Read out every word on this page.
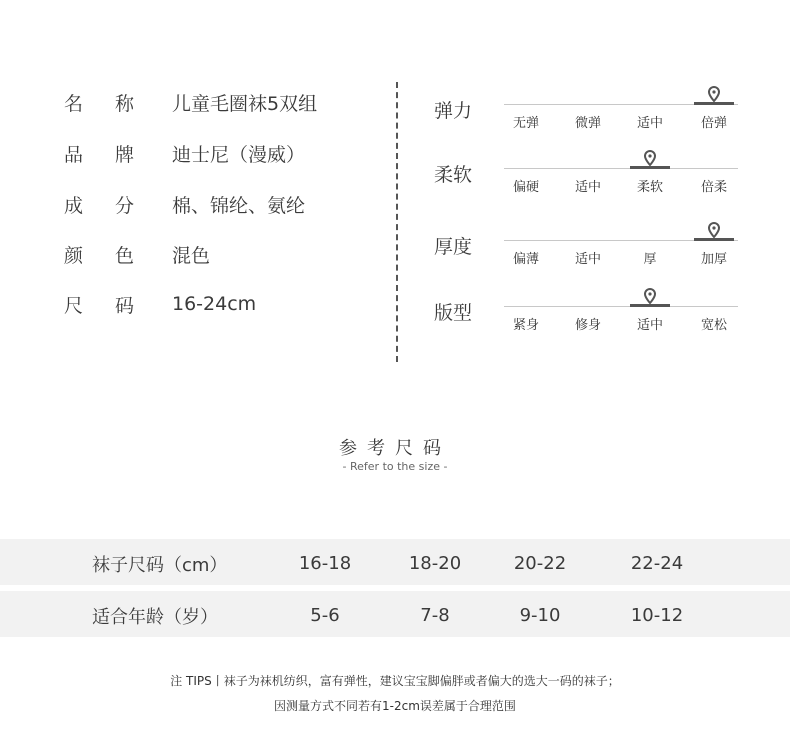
名称 儿童毛圈袜5双组
品牌 迪士尼（漫威）
成分 棉、锦纶、氨纶
颜色 混色
尺码 16-24cm
弹力
无弹	微弹	适中	倍弹
柔软
偏硬	适中	柔软	倍柔
厚度
偏薄	适中	厚	加厚
版型
紧身	修身	适中	宽松
参考尺码
- Refer to the size -
袜子尺码（cm）	16-18	18-20	20-22	22-24
适合年龄（岁）	5-6	7-8	9-10	10-12
注 TIPS丨袜子为袜机纺织，富有弹性，建议宝宝脚偏胖或者偏大的选大一码的袜子；
因测量方式不同若有1-2cm误差属于合理范围
